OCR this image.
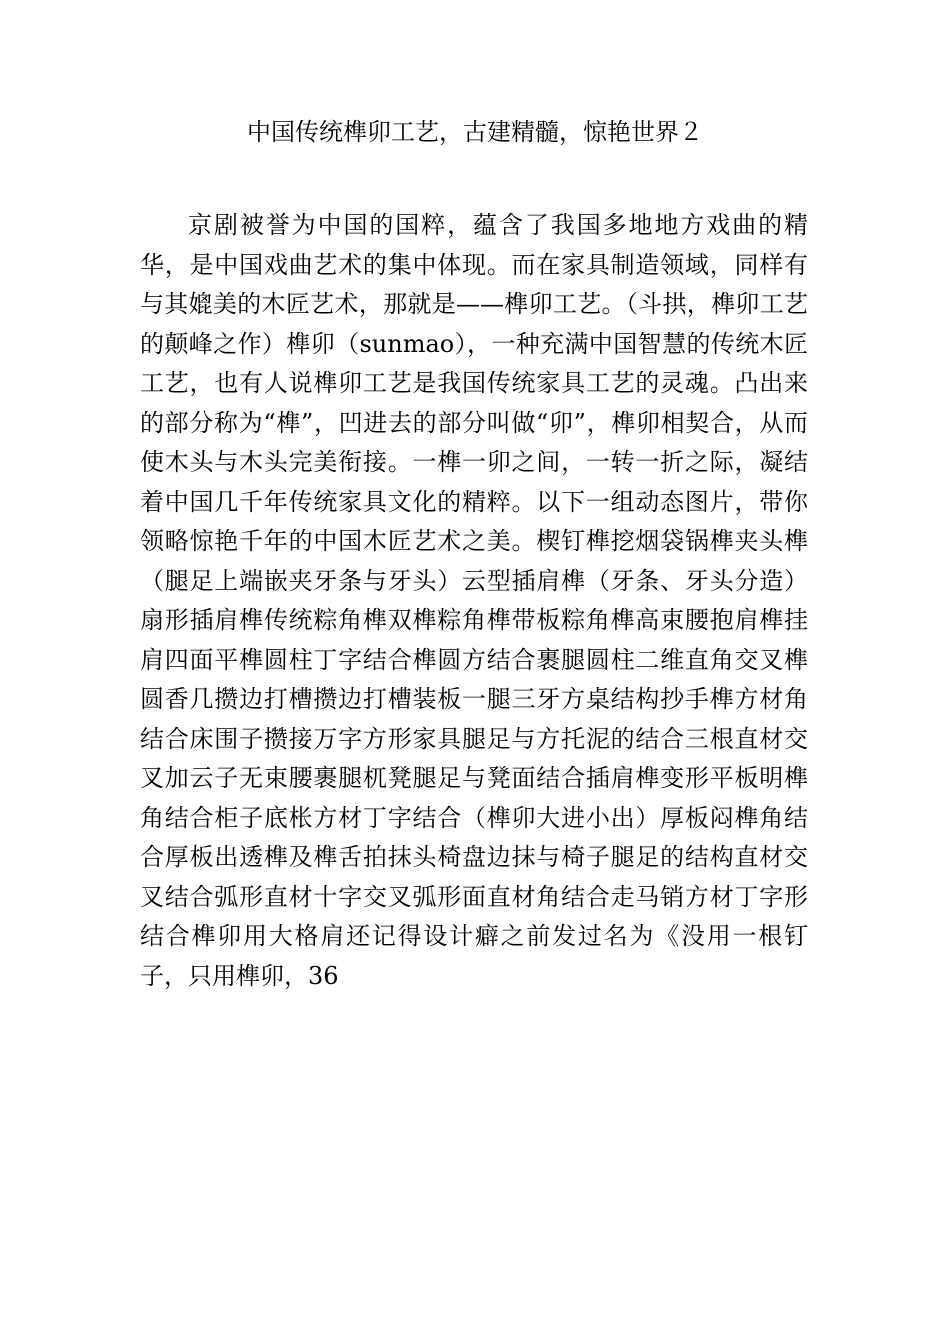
中国传统榫卯工艺，古建精髓，惊艳世界２

京剧被誉为中国的国粹，蕴含了我国多地地方戏曲的精华，是中国戏曲艺术的集中体现。而在家具制造领域，同样有与其媲美的木匠艺术，那就是——榫卯工艺。（斗拱，榫卯工艺的颠峰之作）榫卯（sunmao），一种充满中国智慧的传统木匠工艺，也有人说榫卯工艺是我国传统家具工艺的灵魂。凸出来的部分称为“榫”，凹进去的部分叫做“卯”，榫卯相契合，从而使木头与木头完美衔接。一榫一卯之间，一转一折之际，凝结着中国几千年传统家具文化的精粹。以下一组动态图片，带你领略惊艳千年的中国木匠艺术之美。楔钉榫挖烟袋锅榫夹头榫（腿足上端嵌夹牙条与牙头）云型插肩榫（牙条、牙头分造）扇形插肩榫传统粽角榫双榫粽角榫带板粽角榫高束腰抱肩榫挂肩四面平榫圆柱丁字结合榫圆方结合裹腿圆柱二维直角交叉榫圆香几攒边打槽攒边打槽装板一腿三牙方桌结构抄手榫方材角结合床围子攒接万字方形家具腿足与方托泥的结合三根直材交叉加云子无束腰裹腿杌凳腿足与凳面结合插肩榫变形平板明榫角结合柜子底枨方材丁字结合（榫卯大进小出）厚板闷榫角结合厚板出透榫及榫舌拍抹头椅盘边抹与椅子腿足的结构直材交叉结合弧形直材十字交叉弧形面直材角结合走马销方材丁字形结合榫卯用大格肩还记得设计癖之前发过名为《没用一根钉子，只用榫卯，36
